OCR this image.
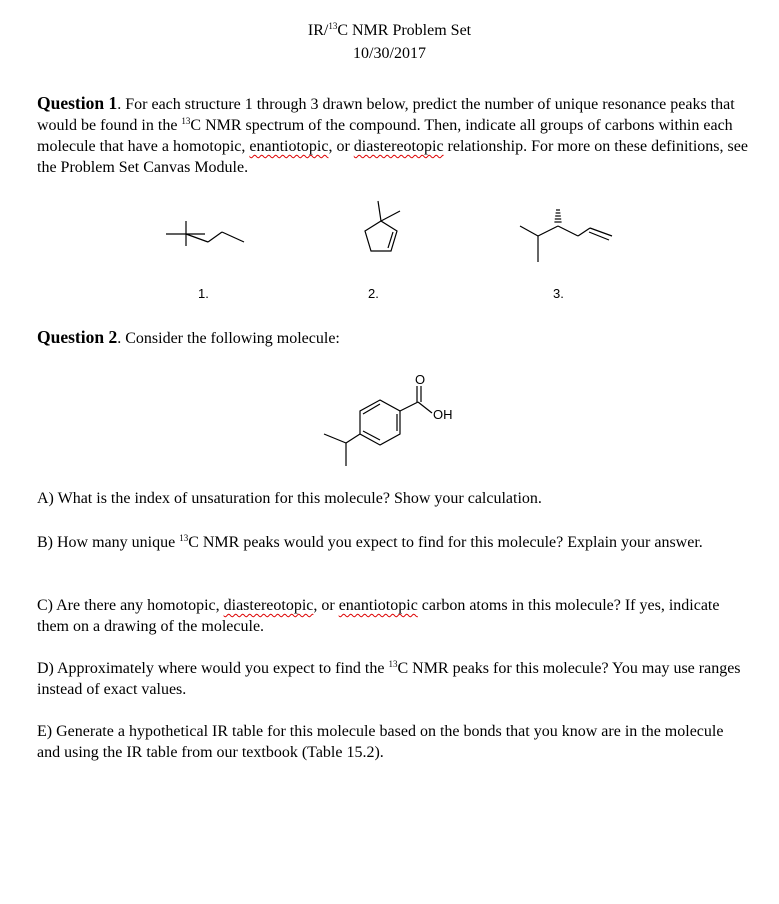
IR/$^{13}$C NMR Problem Set
10/30/2017
Question 1. For each structure 1 through 3 drawn below, predict the number of unique resonance peaks that would be found in the $^{13}$C NMR spectrum of the compound. Then, indicate all groups of carbons within each molecule that have a homotopic, enantiotopic, or diastereotopic relationship. For more on these definitions, see the Problem Set Canvas Module.
1.	2.	3.
Question 2. Consider the following molecule:
O
OH
A) What is the index of unsaturation for this molecule? Show your calculation.
B) How many unique $^{13}$C NMR peaks would you expect to find for this molecule? Explain your answer.
C) Are there any homotopic, diastereotopic, or enantiotopic carbon atoms in this molecule? If yes, indicate them on a drawing of the molecule.
D) Approximately where would you expect to find the $^{13}$C NMR peaks for this molecule? You may use ranges instead of exact values.
E) Generate a hypothetical IR table for this molecule based on the bonds that you know are in the molecule and using the IR table from our textbook (Table 15.2).
